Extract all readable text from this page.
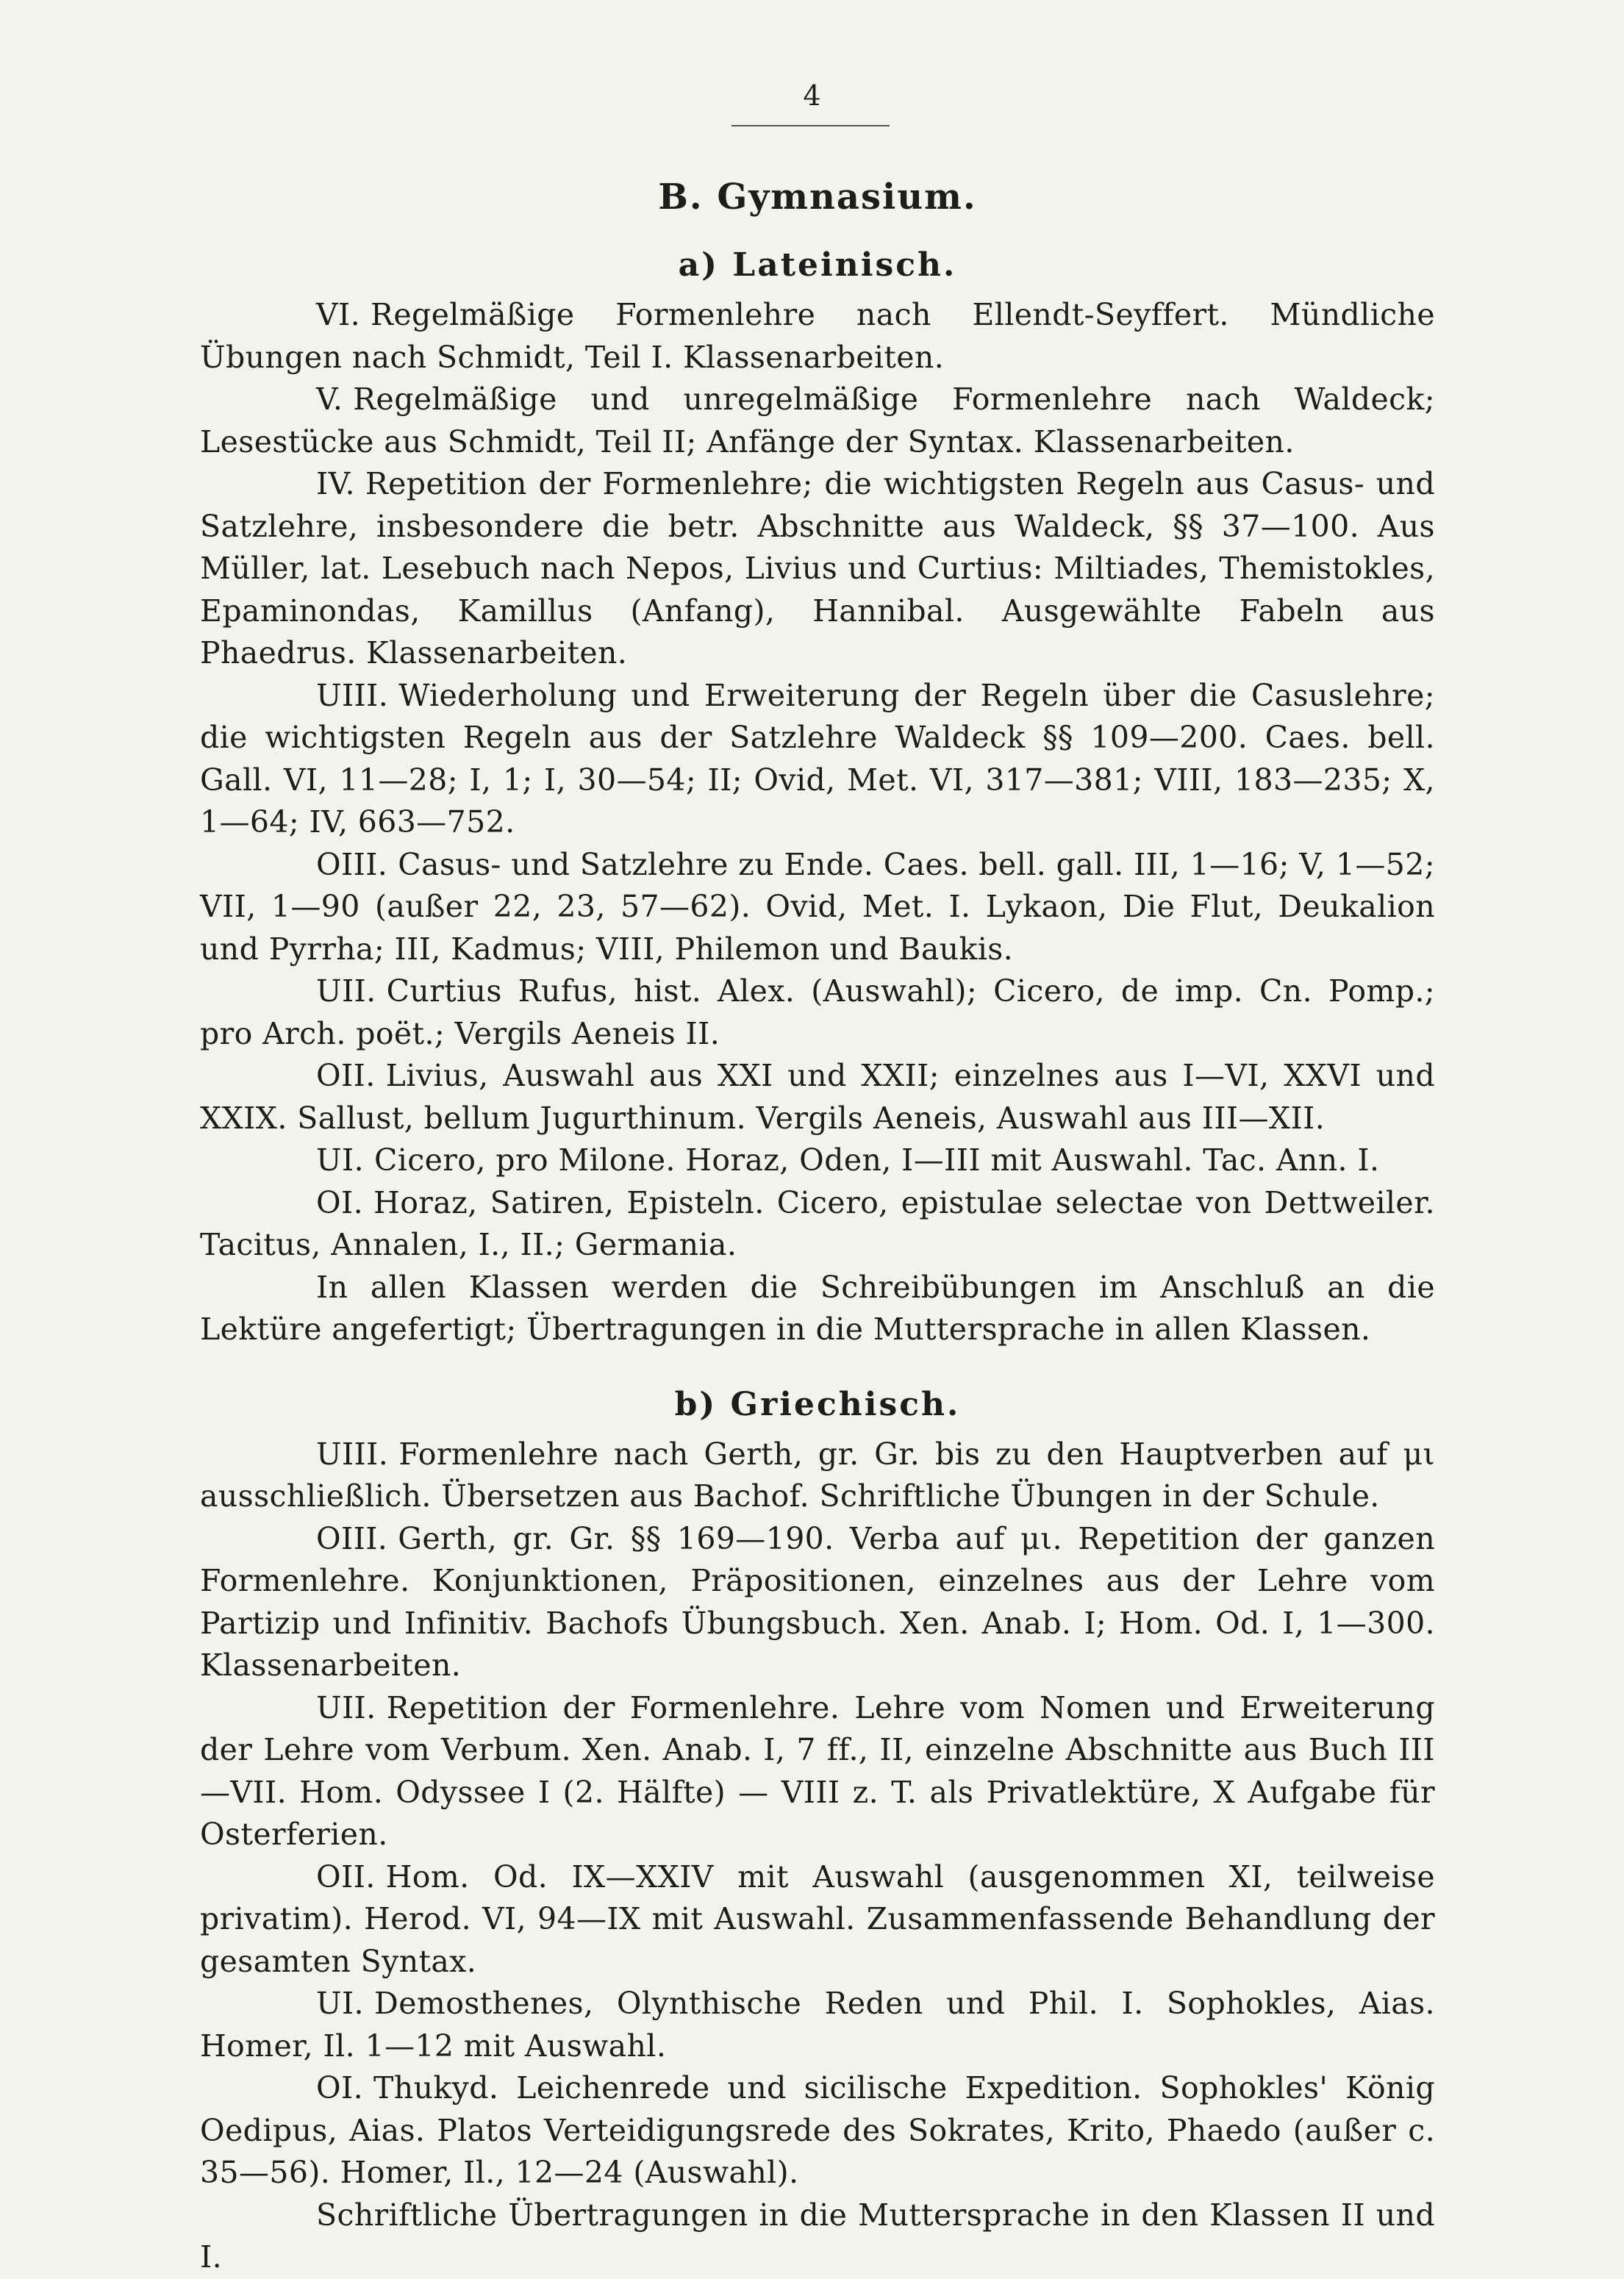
4
B. Gymnasium.
a) Lateinisch.

VI. Regelmäßige Formenlehre nach Ellendt-Seyffert. Mündliche Übungen nach Schmidt, Teil I. Klassenarbeiten.

V. Regelmäßige und unregelmäßige Formenlehre nach Waldeck; Lesestücke aus Schmidt, Teil II; Anfänge der Syntax. Klassenarbeiten.

IV. Repetition der Formenlehre; die wichtigsten Regeln aus Casus- und Satzlehre, insbesondere die betr. Abschnitte aus Waldeck, §§ 37—100. Aus Müller, lat. Lesebuch nach Nepos, Livius und Curtius: Miltiades, Themistokles, Epaminondas, Kamillus (Anfang), Hannibal. Ausgewählte Fabeln aus Phaedrus. Klassenarbeiten.

UIII. Wiederholung und Erweiterung der Regeln über die Casuslehre; die wichtigsten Regeln aus der Satzlehre Waldeck §§ 109—200. Caes. bell. Gall. VI, 11—28; I, 1; I, 30—54; II; Ovid, Met. VI, 317—381; VIII, 183—235; X, 1—64; IV, 663—752.

OIII. Casus- und Satzlehre zu Ende. Caes. bell. gall. III, 1—16; V, 1—52; VII, 1—90 (außer 22, 23, 57—62). Ovid, Met. I. Lykaon, Die Flut, Deukalion und Pyrrha; III, Kadmus; VIII, Philemon und Baukis.

UII. Curtius Rufus, hist. Alex. (Auswahl); Cicero, de imp. Cn. Pomp.; pro Arch. poët.; Vergils Aeneis II.

OII. Livius, Auswahl aus XXI und XXII; einzelnes aus I—VI, XXVI und XXIX. Sallust, bellum Jugurthinum. Vergils Aeneis, Auswahl aus III—XII.

UI. Cicero, pro Milone. Horaz, Oden, I—III mit Auswahl. Tac. Ann. I.

OI. Horaz, Satiren, Episteln. Cicero, epistulae selectae von Dettweiler. Tacitus, Annalen, I., II.; Germania.

In allen Klassen werden die Schreibübungen im Anschluß an die Lektüre angefertigt; Übertragungen in die Muttersprache in allen Klassen.

b) Griechisch.

UIII. Formenlehre nach Gerth, gr. Gr. bis zu den Hauptverben auf μι ausschließlich. Übersetzen aus Bachof. Schriftliche Übungen in der Schule.

OIII. Gerth, gr. Gr. §§ 169—190. Verba auf μι. Repetition der ganzen Formenlehre. Konjunktionen, Präpositionen, einzelnes aus der Lehre vom Partizip und Infinitiv. Bachofs Übungsbuch. Xen. Anab. I; Hom. Od. I, 1—300. Klassenarbeiten.

UII. Repetition der Formenlehre. Lehre vom Nomen und Erweiterung der Lehre vom Verbum. Xen. Anab. I, 7 ff., II, einzelne Abschnitte aus Buch III—VII. Hom. Odyssee I (2. Hälfte) — VIII z. T. als Privatlektüre, X Aufgabe für Osterferien.

OII. Hom. Od. IX—XXIV mit Auswahl (ausgenommen XI, teilweise privatim). Herod. VI, 94—IX mit Auswahl. Zusammenfassende Behandlung der gesamten Syntax.

UI. Demosthenes, Olynthische Reden und Phil. I. Sophokles, Aias. Homer, Il. 1—12 mit Auswahl.

OI. Thukyd. Leichenrede und sicilische Expedition. Sophokles' König Oedipus, Aias. Platos Verteidigungsrede des Sokrates, Krito, Phaedo (außer c. 35—56). Homer, Il., 12—24 (Auswahl).

Schriftliche Übertragungen in die Muttersprache in den Klassen II und I.
